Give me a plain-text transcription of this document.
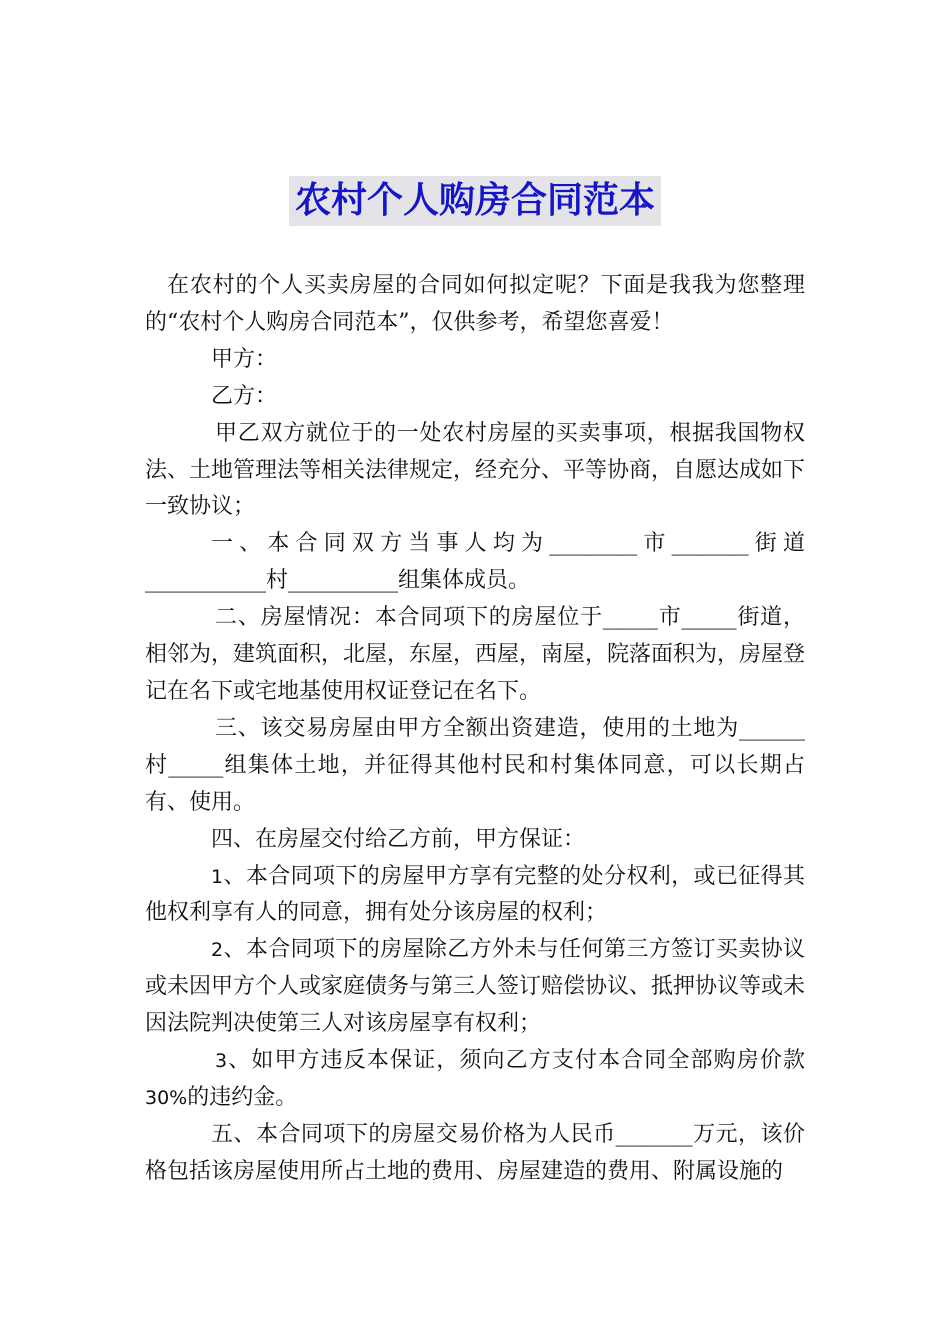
农村个人购房合同范本

在农村的个人买卖房屋的合同如何拟定呢？下面是我我为您整理的“农村个人购房合同范本”，仅供参考，希望您喜爱！

甲方：

乙方：

甲乙双方就位于的一处农村房屋的买卖事项，根据我国物权法、土地管理法等相关法律规定，经充分、平等协商，自愿达成如下一致协议；

一、本合同双方当事人均为________市_______街道___________村__________组集体成员。

二、房屋情况：本合同项下的房屋位于_____市_____街道，相邻为，建筑面积，北屋，东屋，西屋，南屋，院落面积为，房屋登记在名下或宅地基使用权证登记在名下。

三、该交易房屋由甲方全额出资建造，使用的土地为______村_____组集体土地，并征得其他村民和村集体同意，可以长期占有、使用。

四、在房屋交付给乙方前，甲方保证：

1、本合同项下的房屋甲方享有完整的处分权利，或已征得其他权利享有人的同意，拥有处分该房屋的权利；

2、本合同项下的房屋除乙方外未与任何第三方签订买卖协议或未因甲方个人或家庭债务与第三人签订赔偿协议、抵押协议等或未因法院判决使第三人对该房屋享有权利；

3、如甲方违反本保证，须向乙方支付本合同全部购房价款30%的违约金。

五、本合同项下的房屋交易价格为人民币_______万元，该价格包括该房屋使用所占土地的费用、房屋建造的费用、附属设施的
